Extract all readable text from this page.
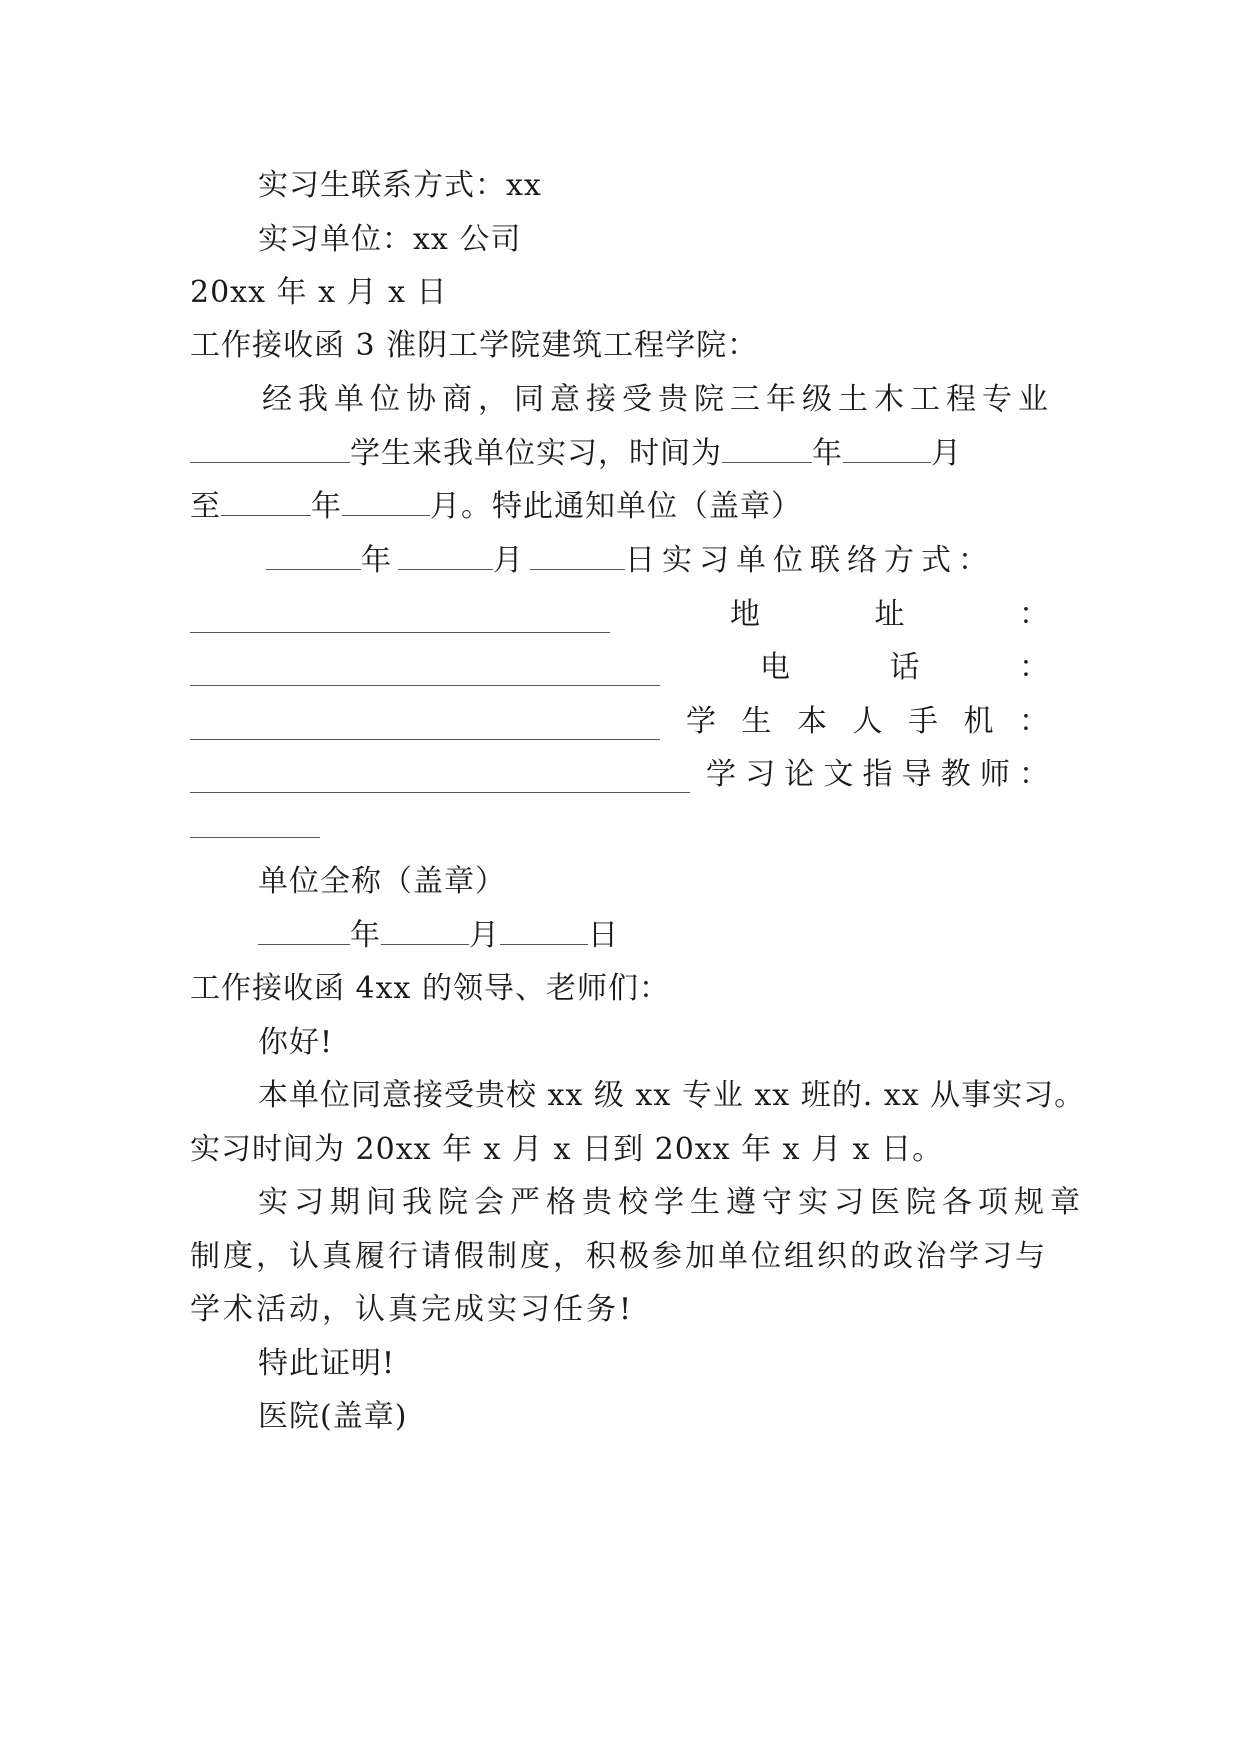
实习生联系方式：xx
实习单位：xx 公司
20xx 年 x 月 x 日
工作接收函 3 淮阴工学院建筑工程学院：
经我单位协商，同意接受贵院三年级土木工程专业
学生来我单位实习，时间为	年	月
至	年	月。特此通知单位（盖章）
年	月	日实习单位联络方式：
地	址	：
电	话	：
学 生 本 人 手 机 ：
学 习 论 文 指 导 教 师 ：
单位全称（盖章）
年	月	日
工作接收函 4xx 的领导、老师们：
你好!
本单位同意接受贵校 xx 级 xx 专业 xx 班的. xx 从事实习。
实习时间为 20xx 年 x 月 x 日到 20xx 年 x 月 x 日。
实习期间我院会严格贵校学生遵守实习医院各项规章
制度，认真履行请假制度，积极参加单位组织的政治学习与
学术活动，认真完成实习任务!
特此证明!
医院(盖章)
